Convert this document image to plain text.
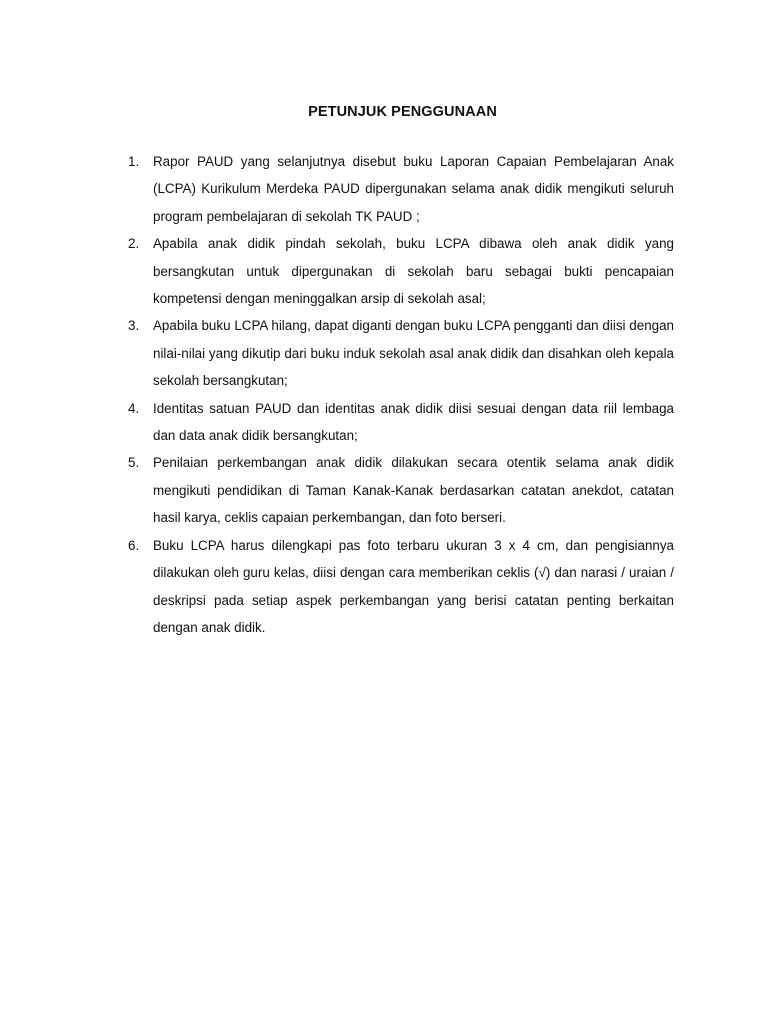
PETUNJUK PENGGUNAAN
1. Rapor PAUD yang selanjutnya disebut buku Laporan Capaian Pembelajaran Anak (LCPA) Kurikulum Merdeka PAUD dipergunakan selama anak didik mengikuti seluruh program pembelajaran di sekolah TK PAUD ;
2. Apabila anak didik pindah sekolah, buku LCPA dibawa oleh anak didik yang bersangkutan untuk dipergunakan di sekolah baru sebagai bukti pencapaian kompetensi dengan meninggalkan arsip di sekolah asal;
3. Apabila buku LCPA hilang, dapat diganti dengan buku LCPA pengganti dan diisi dengan nilai-nilai yang dikutip dari buku induk sekolah asal anak didik dan disahkan oleh kepala sekolah bersangkutan;
4. Identitas satuan PAUD dan identitas anak didik diisi sesuai dengan data riil lembaga dan data anak didik bersangkutan;
5. Penilaian perkembangan anak didik dilakukan secara otentik selama anak didik mengikuti pendidikan di Taman Kanak-Kanak berdasarkan catatan anekdot, catatan hasil karya, ceklis capaian perkembangan, dan foto berseri.
6. Buku LCPA harus dilengkapi pas foto terbaru ukuran 3 x 4 cm, dan pengisiannya dilakukan oleh guru kelas, diisi dengan cara memberikan ceklis (√) dan narasi / uraian / deskripsi pada setiap aspek perkembangan yang berisi catatan penting berkaitan dengan anak didik.
